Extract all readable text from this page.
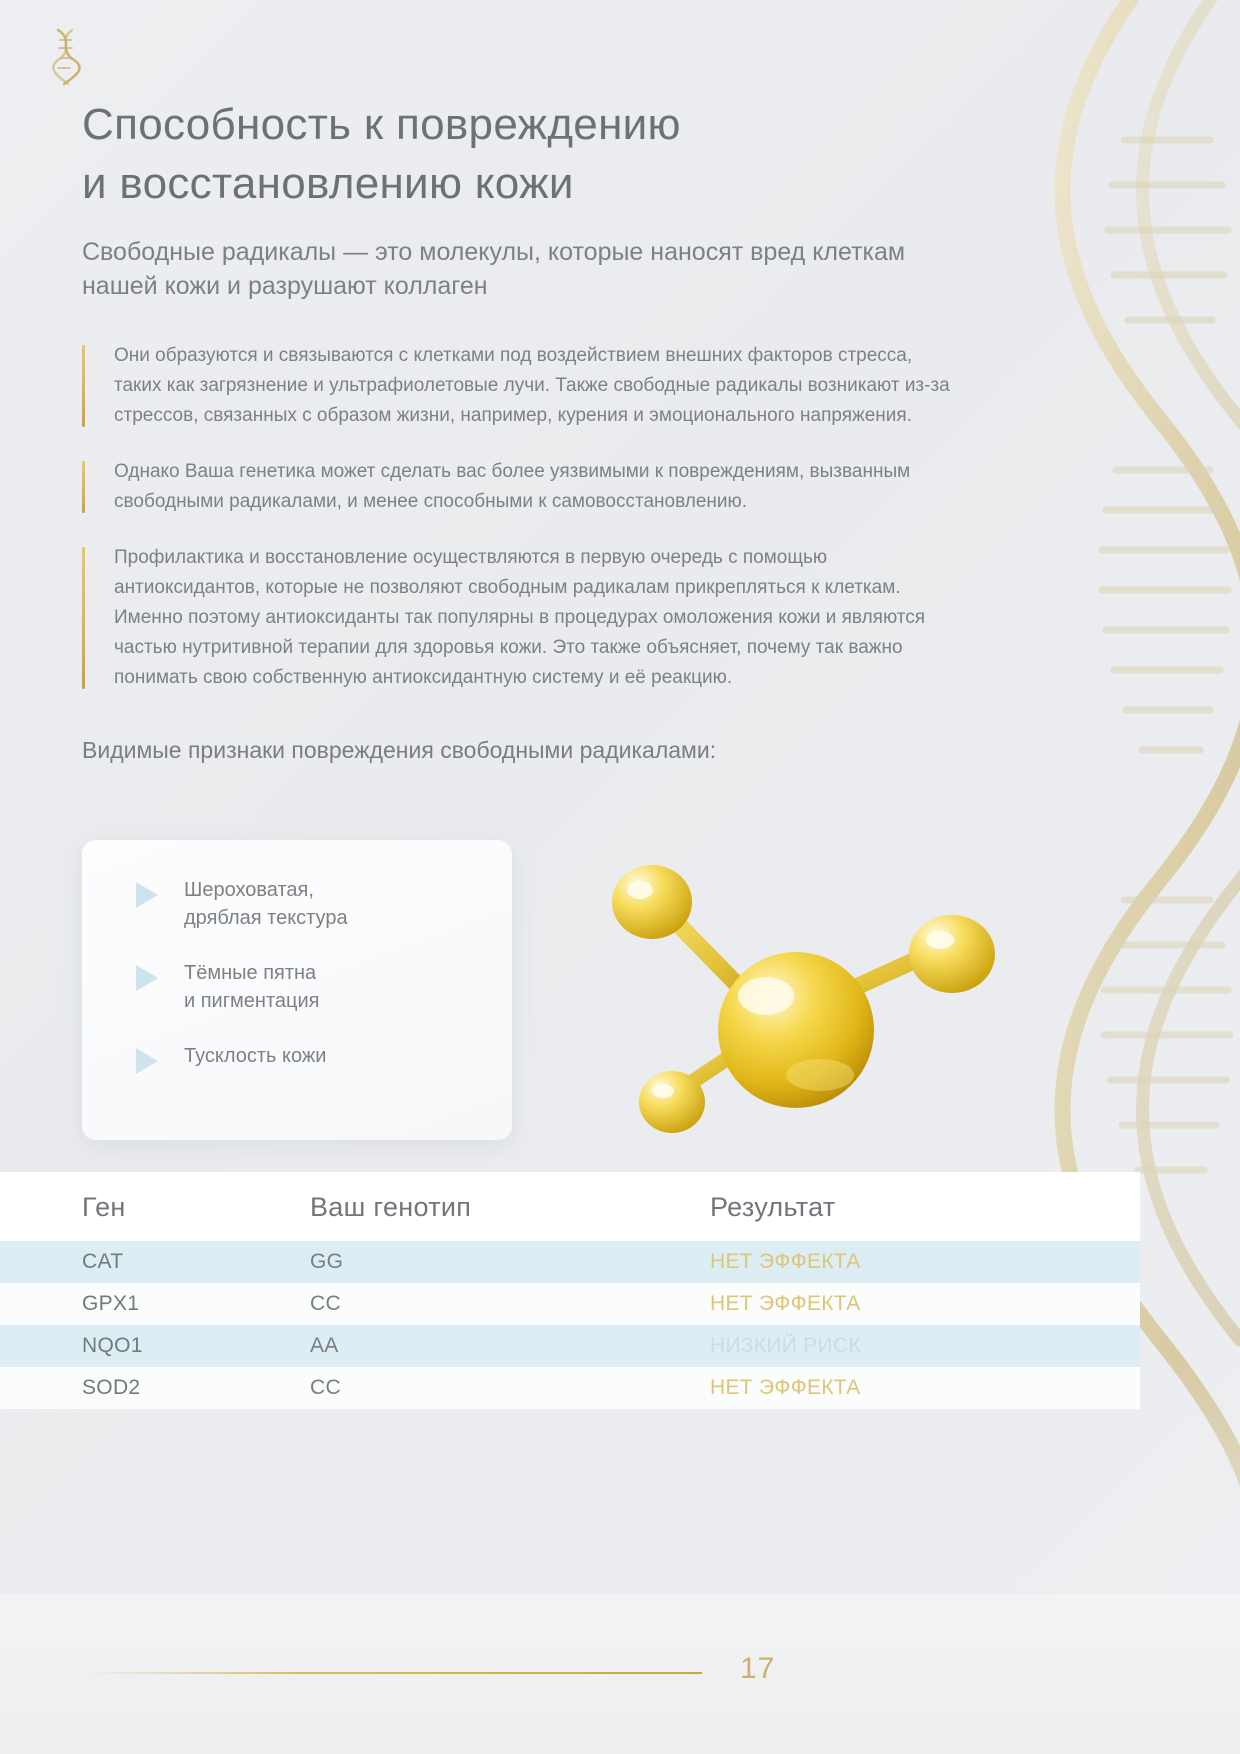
Способность к повреждению
и восстановлению кожи

Свободные радикалы — это молекулы, которые наносят вред клеткам нашей кожи и разрушают коллаген

Они образуются и связываются с клетками под воздействием внешних факторов стресса, таких как загрязнение и ультрафиолетовые лучи. Также свободные радикалы возникают из-за стрессов, связанных с образом жизни, например, курения и эмоционального напряжения.
Однако Ваша генетика может сделать вас более уязвимыми к повреждениям, вызванным свободными радикалами, и менее способными к самовосстановлению.
Профилактика и восстановление осуществляются в первую очередь с помощью антиоксидантов, которые не позволяют свободным радикалам прикрепляться к клеткам. Именно поэтому антиоксиданты так популярны в процедурах омоложения кожи и являются частью нутритивной терапии для здоровья кожи. Это также объясняет, почему так важно понимать свою собственную антиоксидантную систему и её реакцию.

Видимые признаки повреждения свободными радикалами:

Шероховатая,
дряблая текстура
Тёмные пятна
и пигментация
Тусклость кожи
Ген	Ваш генотип	Результат
CAT	GG	НЕТ ЭФФЕКТА
GPX1	CC	НЕТ ЭФФЕКТА
NQO1	AA	НИЗКИЙ РИСК
SOD2	CC	НЕТ ЭФФЕКТА
17
